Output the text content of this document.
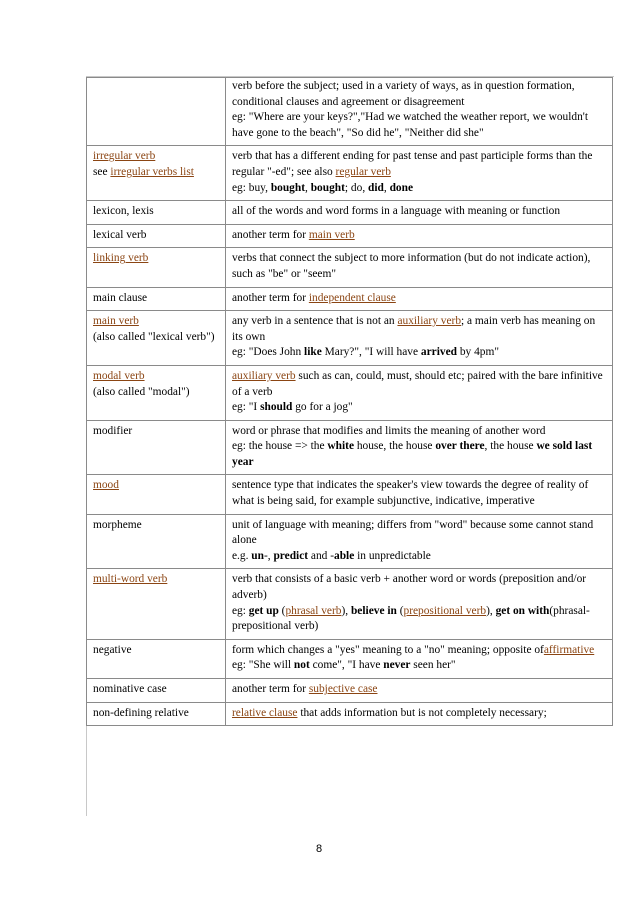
	verb before the subject; used in a variety of ways, as in question formation, conditional clauses and agreement or disagreement
eg: "Where are your keys?","Had we watched the weather report, we wouldn't have gone to the beach", "So did he", "Neither did she"

irregular verb
see irregular verbs list	verb that has a different ending for past tense and past participle forms than the regular "-ed"; see also regular verb
eg: buy, bought, bought; do, did, done

lexicon, lexis	all of the words and word forms in a language with meaning or function
lexical verb	another term for main verb
linking verb	verbs that connect the subject to more information (but do not indicate action), such as "be" or "seem"
main clause	another term for independent clause

main verb
(also called "lexical verb")	any verb in a sentence that is not an auxiliary verb; a main verb has meaning on its own
eg: "Does John like Mary?", "I will have arrived by 4pm"

modal verb
(also called "modal")	auxiliary verb such as can, could, must, should etc; paired with the bare infinitive of a verb
eg: "I should go for a jog"

modifier	word or phrase that modifies and limits the meaning of another word
eg: the house => the white house, the house over there, the house we sold last year

mood	sentence type that indicates the speaker's view towards the degree of reality of what is being said, for example subjunctive, indicative, imperative
morpheme	unit of language with meaning; differs from "word" because some cannot stand alone
e.g. un-, predict and -able in unpredictable

multi-word verb	verb that consists of a basic verb + another word or words (preposition and/or adverb)
eg: get up (phrasal verb), believe in (prepositional verb), get on with(phrasal-prepositional verb)

negative	form which changes a "yes" meaning to a "no" meaning; opposite ofaffirmative
eg: "She will not come", "I have never seen her"

nominative case	another term for subjective case
non-defining relative	relative clause that adds information but is not completely necessary;
8
